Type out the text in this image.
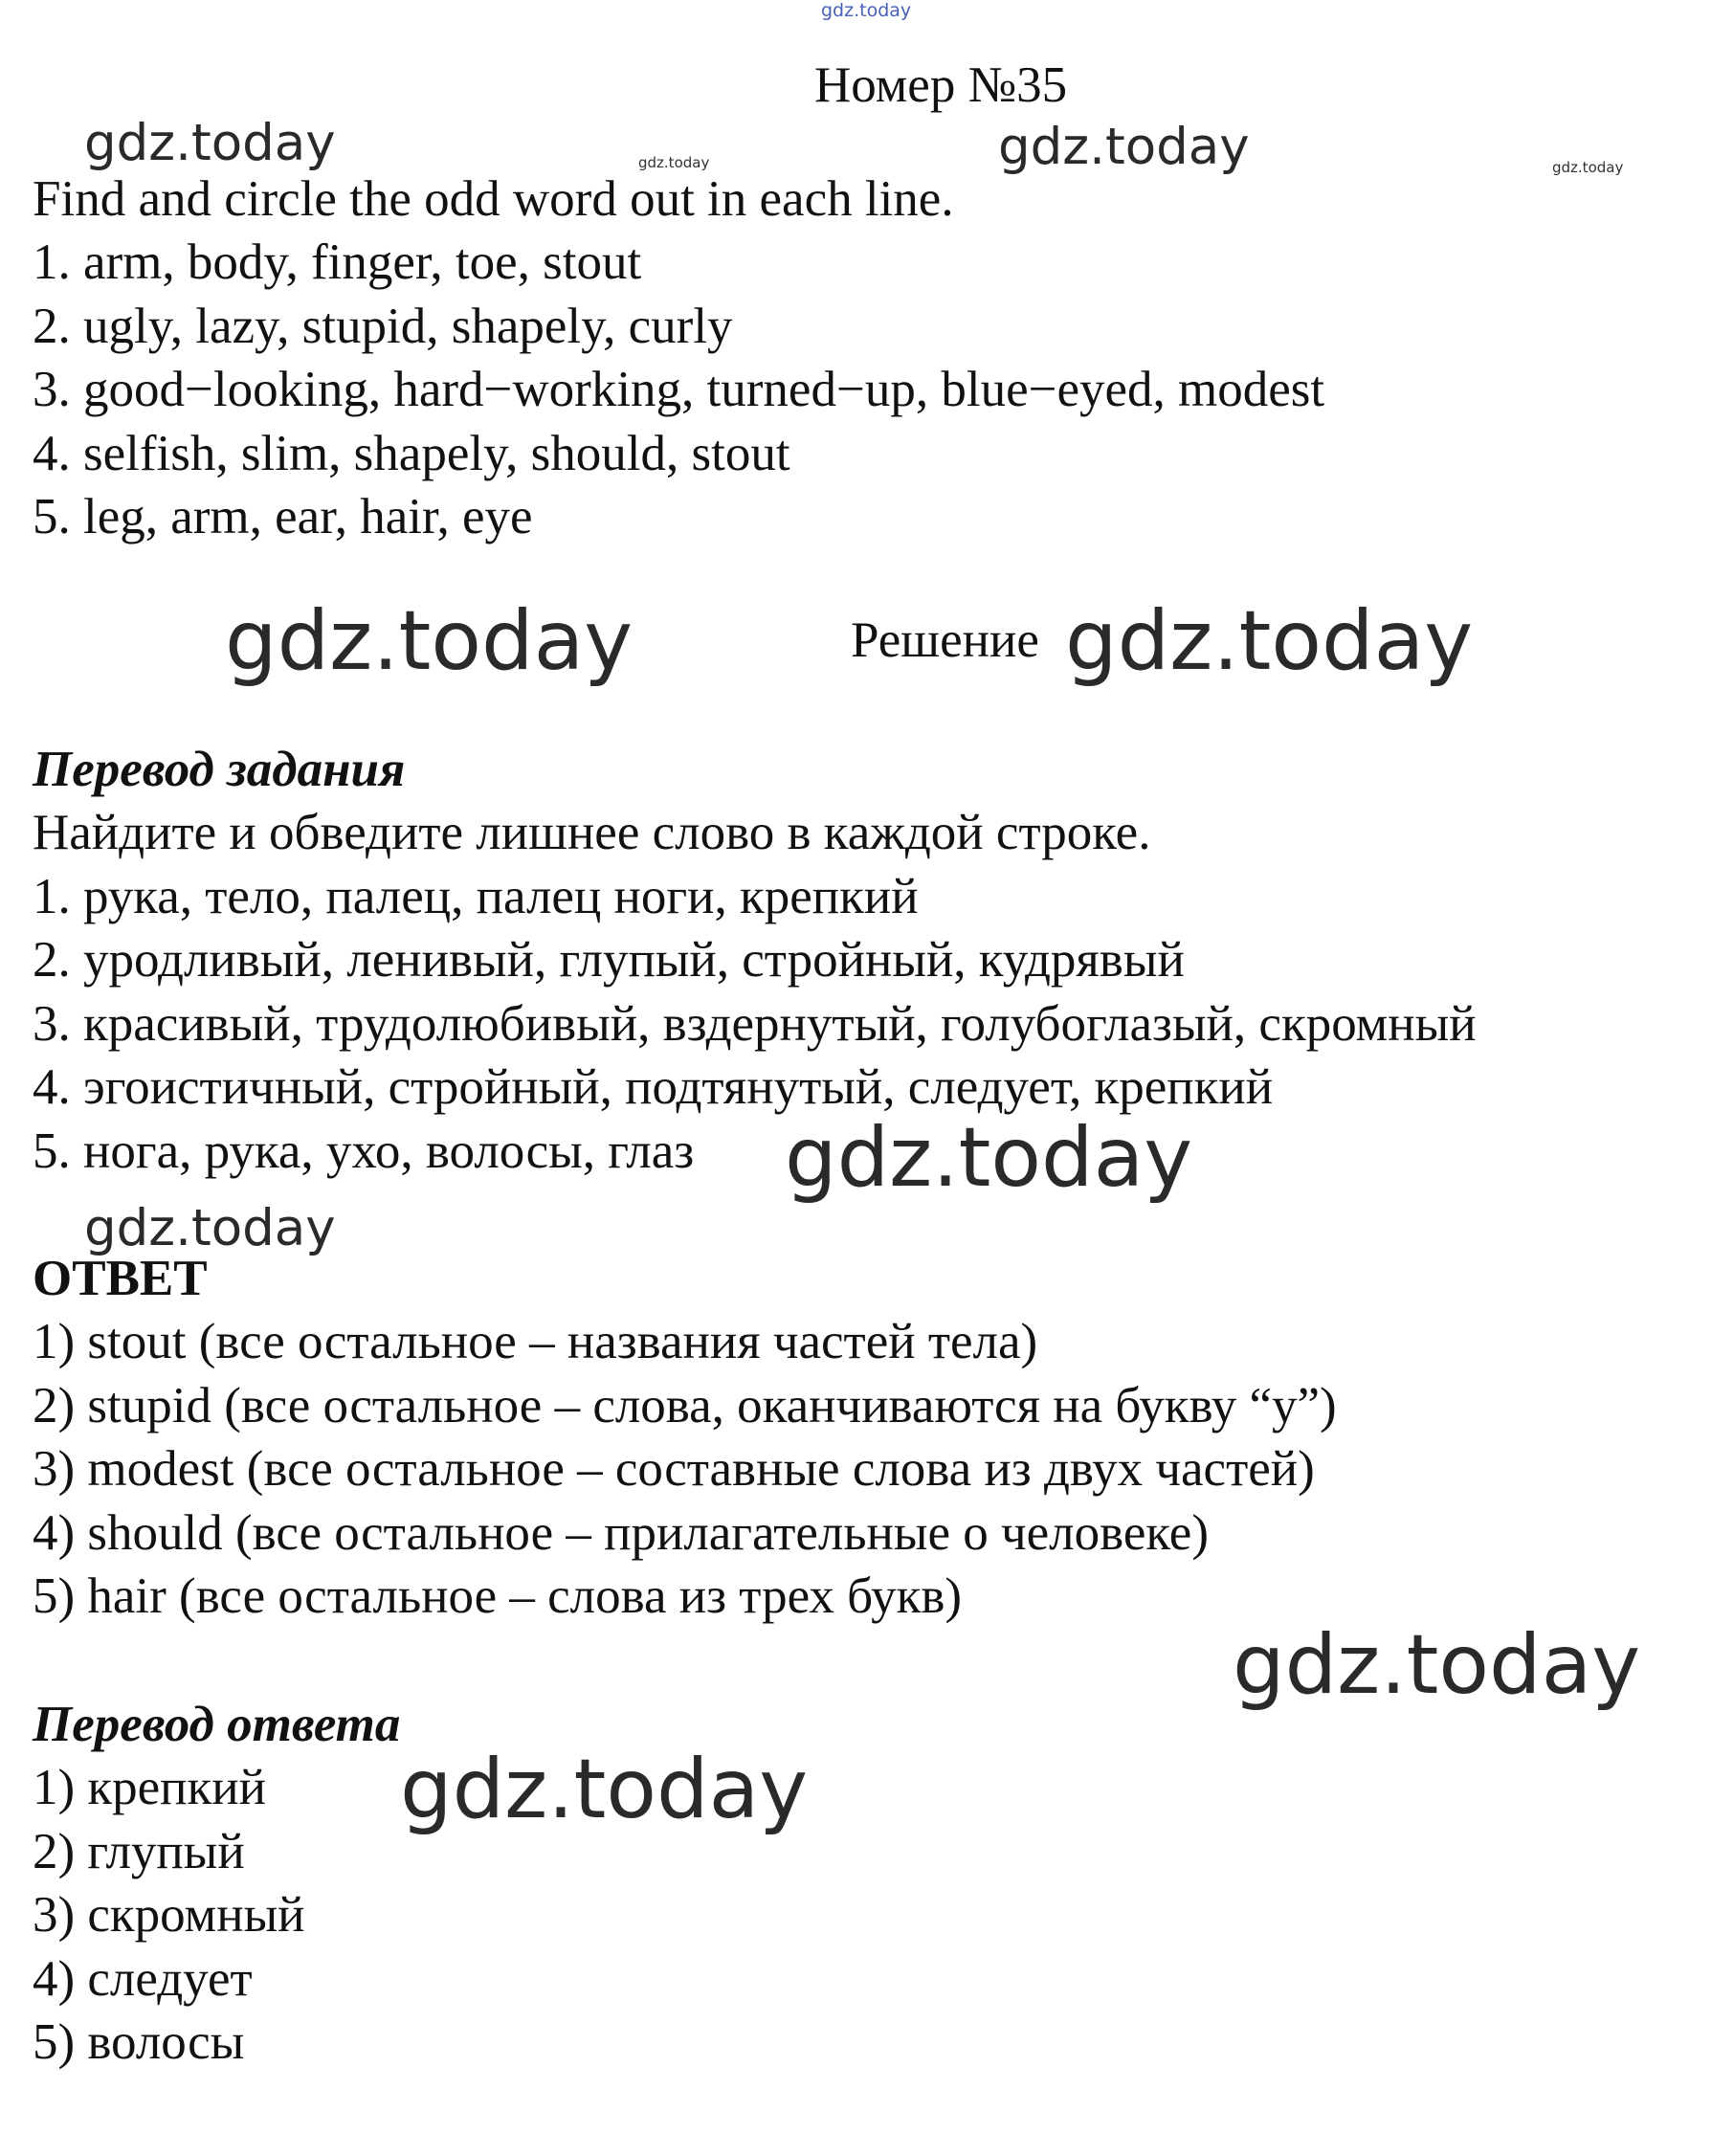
gdz.today
gdz.today	gdz.today	gdz.today	gdz.today
gdz.today	gdz.today
gdz.today
gdz.today
gdz.today
gdz.today
Номер №35
Find and circle the odd word out in each line.
1. arm, body, finger, toe, stout
2. ugly, lazy, stupid, shapely, curly
3. good−looking, hard−working, turned−up, blue−eyed, modest
4. selfish, slim, shapely, should, stout
5. leg, arm, ear, hair, eye
Решение
Перевод задания
Найдите и обведите лишнее слово в каждой строке.
1. рука, тело, палец, палец ноги, крепкий
2. уродливый, ленивый, глупый, стройный, кудрявый
3. красивый, трудолюбивый, вздернутый, голубоглазый, скромный
4. эгоистичный, стройный, подтянутый, следует, крепкий
5. нога, рука, ухо, волосы, глаз
ОТВЕТ
1) stout (все остальное – названия частей тела)
2) stupid (все остальное – слова, оканчиваются на букву “y”)
3) modest (все остальное – составные слова из двух частей)
4) should (все остальное – прилагательные о человеке)
5) hair (все остальное – слова из трех букв)
Перевод ответа
1) крепкий
2) глупый
3) скромный
4) следует
5) волосы
